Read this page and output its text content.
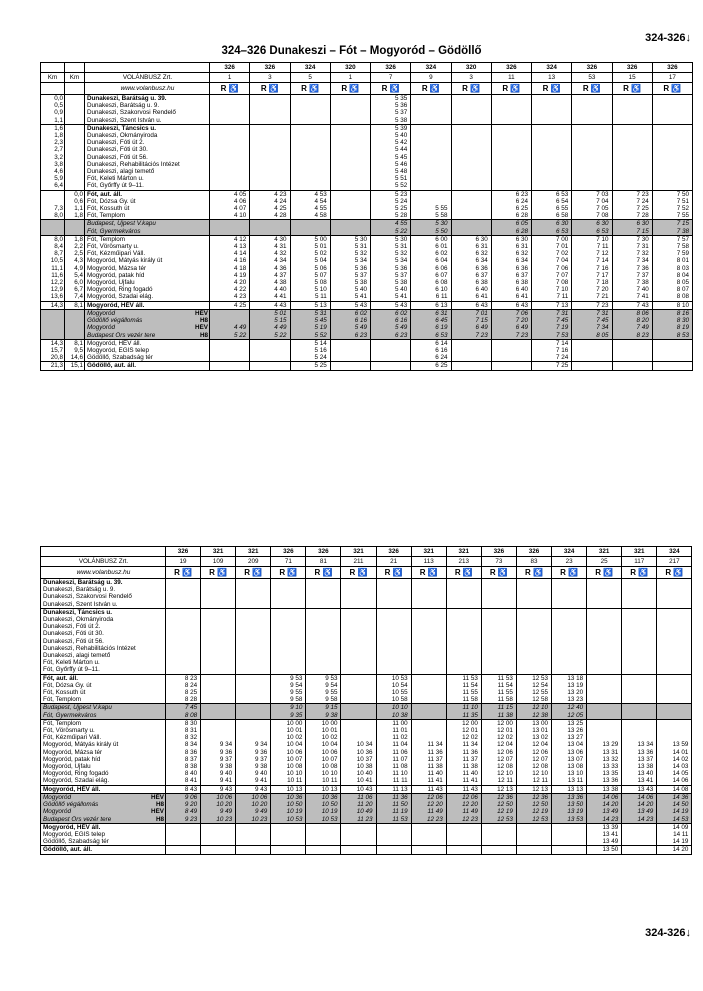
324-326↓
324–326 Dunakeszi – Fót – Mogyoród – Gödöllő
			326	326	324	320	326	324	320	326	324	326	326	326
Km	Km	VOLÁNBUSZ Zrt.	1	3	5	1	7	9	3	11	13	53	15	17
		www.volanbusz.hu	R ♿	R ♿	R ♿	R ♿	R ♿	R ♿	R ♿	R ♿	R ♿	R ♿	R ♿	R ♿
0,0		Dunakeszi, Barátság u. 39.					5 35							
0,5		Dunakeszi, Barátság u. 9.					5 36							
0,9		Dunakeszi, Szakorvosi Rendelő					5 37							
1,1		Dunakeszi, Szent István u.					5 38							
1,6		Dunakeszi, Táncsics u.					5 39							
1,8		Dunakeszi, Okmányiroda					5 40							
2,3		Dunakeszi, Fóti út 2.					5 42							
2,7		Dunakeszi, Fóti út 30.					5 44							
3,2		Dunakeszi, Fóti út 56.					5 45							
3,8		Dunakeszi, Rehabilitációs Intézet					5 46							
4,6		Dunakeszi, alagi temető					5 48							
5,9		Fót, Keleti Márton u.					5 51							
6,4		Fót, Győrffy út 9–11.					5 52							
	0,0	Fót, aut. áll.	4 05	4 23	4 53		5 23			6 23	6 53	7 03	7 23	7 50
	0,6	Fót, Dózsa Gy. út	4 06	4 24	4 54		5 24			6 24	6 54	7 04	7 24	7 51
7,3	1,1	Fót, Kossuth út	4 07	4 25	4 55		5 25	5 55		6 25	6 55	7 05	7 25	7 52
8,0	1,8	Fót, Templom	4 10	4 28	4 58		5 28	5 58		6 28	6 58	7 08	7 28	7 55
		Budapest, Újpest V.kapu					4 55	5 30		6 05	6 30	6 30	6 30	7 15
		Fót, Gyermekváros					5 22	5 50		6 28	6 53	6 53	7 15	7 38
8,0	1,8	Fót, Templom	4 12	4 30	5 00	5 30	5 30	6 00	6 30	6 30	7 00	7 10	7 30	7 57
8,4	2,2	Fót, Vörösmarty u.	4 13	4 31	5 01	5 31	5 31	6 01	6 31	6 31	7 01	7 11	7 31	7 58
8,7	2,5	Fót, Kézműipari Váll.	4 14	4 32	5 02	5 32	5 32	6 02	6 32	6 32	7 02	7 12	7 32	7 59
10,5	4,3	Mogyoród, Mátyás király út	4 16	4 34	5 04	5 34	5 34	6 04	6 34	6 34	7 04	7 14	7 34	8 01
11,1	4,9	Mogyoród, Mázsa tér	4 18	4 36	5 06	5 36	5 36	6 06	6 36	6 36	7 06	7 16	7 36	8 03
11,6	5,4	Mogyoród, patak híd	4 19	4 37	5 07	5 37	5 37	6 07	6 37	6 37	7 07	7 17	7 37	8 04
12,2	6,0	Mogyoród, Újfalu	4 20	4 38	5 08	5 38	5 38	6 08	6 38	6 38	7 08	7 18	7 38	8 05
12,9	6,7	Mogyoród, Ring fogadó	4 22	4 40	5 10	5 40	5 40	6 10	6 40	6 40	7 10	7 20	7 40	8 07
13,6	7,4	Mogyoród, Szadai elág.	4 23	4 41	5 11	5 41	5 41	6 11	6 41	6 41	7 11	7 21	7 41	8 08
14,3	8,1	Mogyoród, HÉV áll.	4 25	4 43	5 13	5 43	5 43	6 13	6 43	6 43	7 13	7 23	7 43	8 10
		Mogyoród HÉV		5 01	5 31	6 02	6 02	6 31	7 01	7 06	7 31	7 31	8 06	8 16
		Gödöllő végállomás H8		5 15	5 45	6 16	6 16	6 45	7 15	7 20	7 45	7 45	8 20	8 30
		Mogyoród HÉV	4 49	4 49	5 19	5 49	5 49	6 19	6 49	6 49	7 19	7 34	7 49	8 19
		Budapest Örs vezér tere H8	5 22	5 22	5 52	6 23	6 23	6 53	7 23	7 23	7 53	8 05	8 23	8 53
14,3	8,1	Mogyoród, HÉV áll.			5 14			6 14			7 14			
15,7	9,5	Mogyoród, EGIS telep			5 16			6 16			7 16			
20,8	14,6	Gödöllő, Szabadság tér			5 24			6 24			7 24			
21,3	15,1	Gödöllő, aut. áll.			5 25			6 25			7 25			
	326	321	321	326	326	321	326	321	321	326	326	324	321	321	324
VOLÁNBUSZ Zrt.	19	109	209	71	81	211	21	113	213	73	83	23	25	117	217
www.volanbusz.hu	R ♿	R ♿	R ♿	R ♿	R ♿	R ♿	R ♿	R ♿	R ♿	R ♿	R ♿	R ♿	R ♿	R ♿	R ♿
Dunakeszi, Barátság u. 39.															
Dunakeszi, Barátság u. 9.															
Dunakeszi, Szakorvosi Rendelő															
Dunakeszi, Szent István u.															
Dunakeszi, Táncsics u.															
Dunakeszi, Okmányiroda															
Dunakeszi, Fóti út 2.															
Dunakeszi, Fóti út 30.															
Dunakeszi, Fóti út 56.															
Dunakeszi, Rehabilitációs Intézet															
Dunakeszi, alagi temető															
Fót, Keleti Márton u.															
Fót, Győrffy út 9–11.															
Fót, aut. áll.	8 23			9 53	9 53		10 53		11 53	11 53	12 53	13 18			
Fót, Dózsa Gy. út	8 24			9 54	9 54		10 54		11 54	11 54	12 54	13 19			
Fót, Kossuth út	8 25			9 55	9 55		10 55		11 55	11 55	12 55	13 20			
Fót, Templom	8 28			9 58	9 58		10 58		11 58	11 58	12 58	13 23			
Budapest, Újpest V.kapu	7 45			9 10	9 15		10 10		11 10	11 15	12 10	12 40			
Fót, Gyermekváros	8 08			9 35	9 38		10 38		11 35	11 38	12 38	12 05			
Fót, Templom	8 30			10 00	10 00		11 00		12 00	12 00	13 00	13 25			
Fót, Vörösmarty u.	8 31			10 01	10 01		11 01		12 01	12 01	13 01	13 26			
Fót, Kézműipari Váll.	8 32			10 02	10 02		11 02		12 02	12 02	13 02	13 27			
Mogyoród, Mátyás király út	8 34	9 34	9 34	10 04	10 04	10 34	11 04	11 34	11 34	12 04	12 04	13 04	13 29	13 34	13 59
Mogyoród, Mázsa tér	8 36	9 36	9 36	10 06	10 06	10 36	11 06	11 36	11 36	12 06	12 06	13 06	13 31	13 36	14 01
Mogyoród, patak híd	8 37	9 37	9 37	10 07	10 07	10 37	11 07	11 37	11 37	12 07	12 07	13 07	13 32	13 37	14 02
Mogyoród, Újfalu	8 38	9 38	9 38	10 08	10 08	10 38	11 08	11 38	11 38	12 08	12 08	13 08	13 33	13 38	14 03
Mogyoród, Ring fogadó	8 40	9 40	9 40	10 10	10 10	10 40	11 10	11 40	11 40	12 10	12 10	13 10	13 35	13 40	14 05
Mogyoród, Szadai elág.	8 41	9 41	9 41	10 11	10 11	10 41	11 11	11 41	11 41	12 11	12 11	13 11	13 36	13 41	14 06
Mogyoród, HÉV áll.	8 43	9 43	9 43	10 13	10 13	10 43	11 13	11 43	11 43	12 13	12 13	13 13	13 38	13 43	14 08
Mogyoród HÉV	9 06	10 06	10 06	10 36	10 36	11 06	11 36	12 06	12 06	12 36	12 36	13 36	14 06	14 06	14 36
Gödöllő végállomás H8	9 20	10 20	10 20	10 50	10 50	11 20	11 50	12 20	12 20	12 50	12 50	13 50	14 20	14 20	14 50
Mogyoród HÉV	8 49	9 49	9 49	10 19	10 19	10 49	11 19	11 49	11 49	12 19	12 19	13 19	13 49	13 49	14 19
Budapest Örs vezér tere H8	9 23	10 23	10 23	10 53	10 53	11 23	11 53	12 23	12 23	12 53	12 53	13 53	14 23	14 23	14 53
Mogyoród, HÉV áll.													13 39		14 09
Mogyoród, EGIS telep													13 41		14 11
Gödöllő, Szabadság tér													13 49		14 19
Gödöllő, aut. áll.													13 50		14 20
324-326↓
